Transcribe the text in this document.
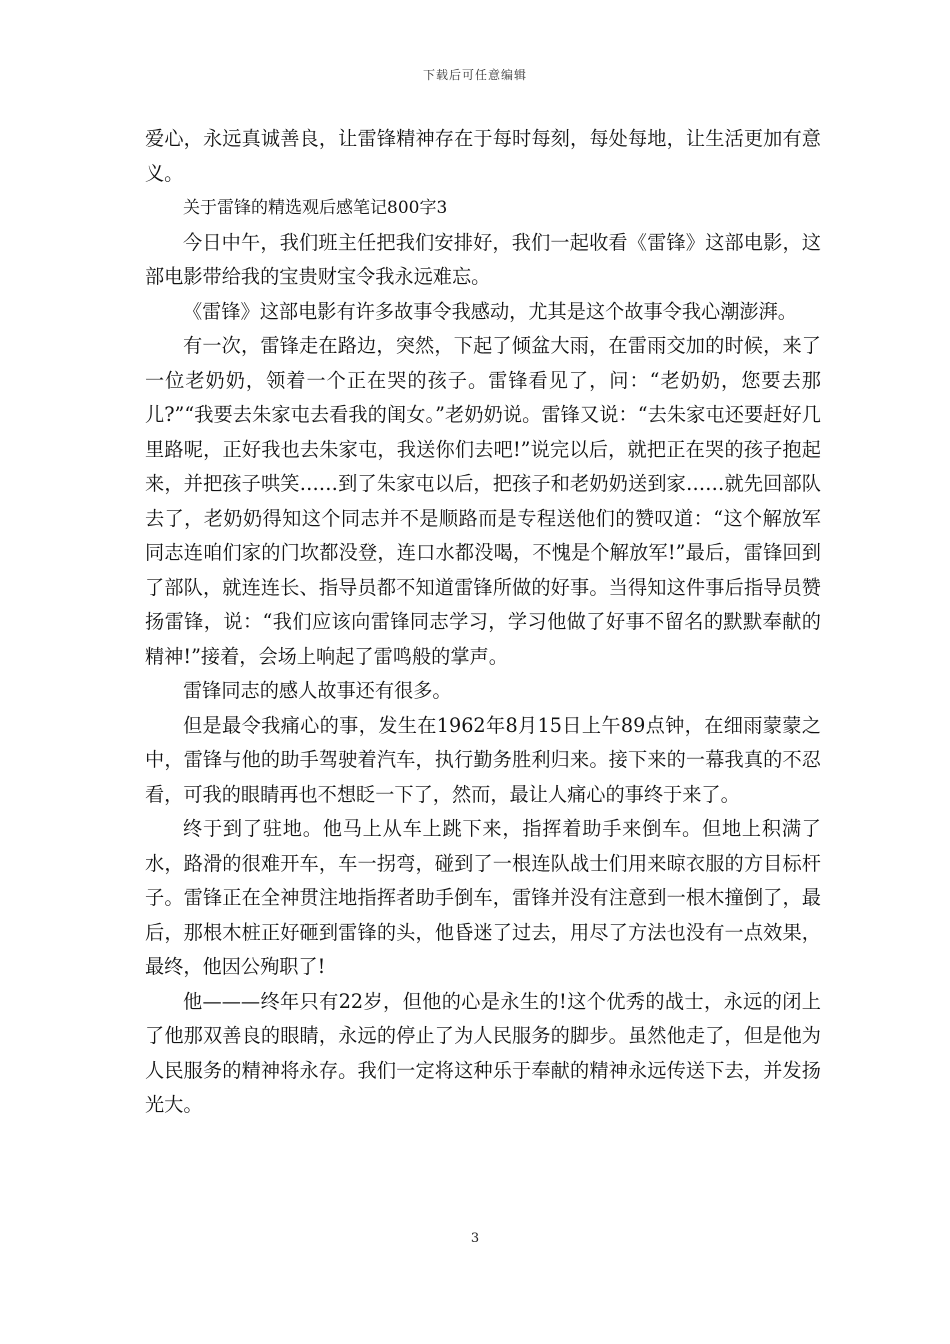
下载后可任意编辑

爱心，永远真诚善良，让雷锋精神存在于每时每刻，每处每地，让生活更加有意义。

关于雷锋的精选观后感笔记800字3

今日中午，我们班主任把我们安排好，我们一起收看《雷锋》这部电影，这部电影带给我的宝贵财宝令我永远难忘。

《雷锋》这部电影有许多故事令我感动，尤其是这个故事令我心潮澎湃。

有一次，雷锋走在路边，突然，下起了倾盆大雨，在雷雨交加的时候，来了一位老奶奶，领着一个正在哭的孩子。雷锋看见了，问：“老奶奶，您要去那儿?”“我要去朱家屯去看我的闺女。”老奶奶说。雷锋又说：“去朱家屯还要赶好几里路呢，正好我也去朱家屯，我送你们去吧!”说完以后，就把正在哭的孩子抱起来，并把孩子哄笑……到了朱家屯以后，把孩子和老奶奶送到家……就先回部队去了，老奶奶得知这个同志并不是顺路而是专程送他们的赞叹道：“这个解放军同志连咱们家的门坎都没登，连口水都没喝，不愧是个解放军!”最后，雷锋回到了部队，就连连长、指导员都不知道雷锋所做的好事。当得知这件事后指导员赞扬雷锋，说：“我们应该向雷锋同志学习，学习他做了好事不留名的默默奉献的精神!”接着，会场上响起了雷鸣般的掌声。

雷锋同志的感人故事还有很多。

但是最令我痛心的事，发生在1962年8月15日上午89点钟，在细雨蒙蒙之中，雷锋与他的助手驾驶着汽车，执行勤务胜利归来。接下来的一幕我真的不忍看，可我的眼睛再也不想眨一下了，然而，最让人痛心的事终于来了。

终于到了驻地。他马上从车上跳下来，指挥着助手来倒车。但地上积满了水，路滑的很难开车，车一拐弯，碰到了一根连队战士们用来晾衣服的方目标杆子。雷锋正在全神贯注地指挥者助手倒车，雷锋并没有注意到一根木撞倒了，最后，那根木桩正好砸到雷锋的头，他昏迷了过去，用尽了方法也没有一点效果，最终，他因公殉职了!

他———终年只有22岁，但他的心是永生的!这个优秀的战士，永远的闭上了他那双善良的眼睛，永远的停止了为人民服务的脚步。虽然他走了，但是他为人民服务的精神将永存。我们一定将这种乐于奉献的精神永远传送下去，并发扬光大。

3
